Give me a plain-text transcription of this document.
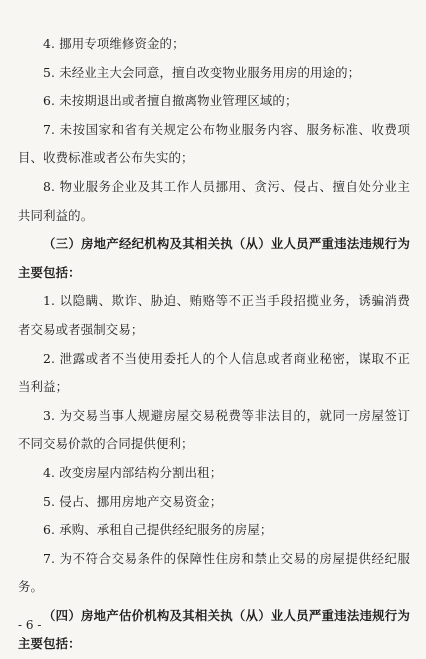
4. 挪用专项维修资金的；

5. 未经业主大会同意，擅自改变物业服务用房的用途的；

6. 未按期退出或者擅自撤离物业管理区域的；

7. 未按国家和省有关规定公布物业服务内容、服务标准、收费项目、收费标准或者公布失实的；

8. 物业服务企业及其工作人员挪用、贪污、侵占、擅自处分业主共同利益的。

（三）房地产经纪机构及其相关执（从）业人员严重违法违规行为主要包括：

1. 以隐瞒、欺诈、胁迫、贿赂等不正当手段招揽业务，诱骗消费者交易或者强制交易；

2. 泄露或者不当使用委托人的个人信息或者商业秘密，谋取不正当利益；

3. 为交易当事人规避房屋交易税费等非法目的，就同一房屋签订不同交易价款的合同提供便利；

4. 改变房屋内部结构分割出租；

5. 侵占、挪用房地产交易资金；

6. 承购、承租自己提供经纪服务的房屋；

7. 为不符合交易条件的保障性住房和禁止交易的房屋提供经纪服务。

（四）房地产估价机构及其相关执（从）业人员严重违法违规行为主要包括：

- 6 -
